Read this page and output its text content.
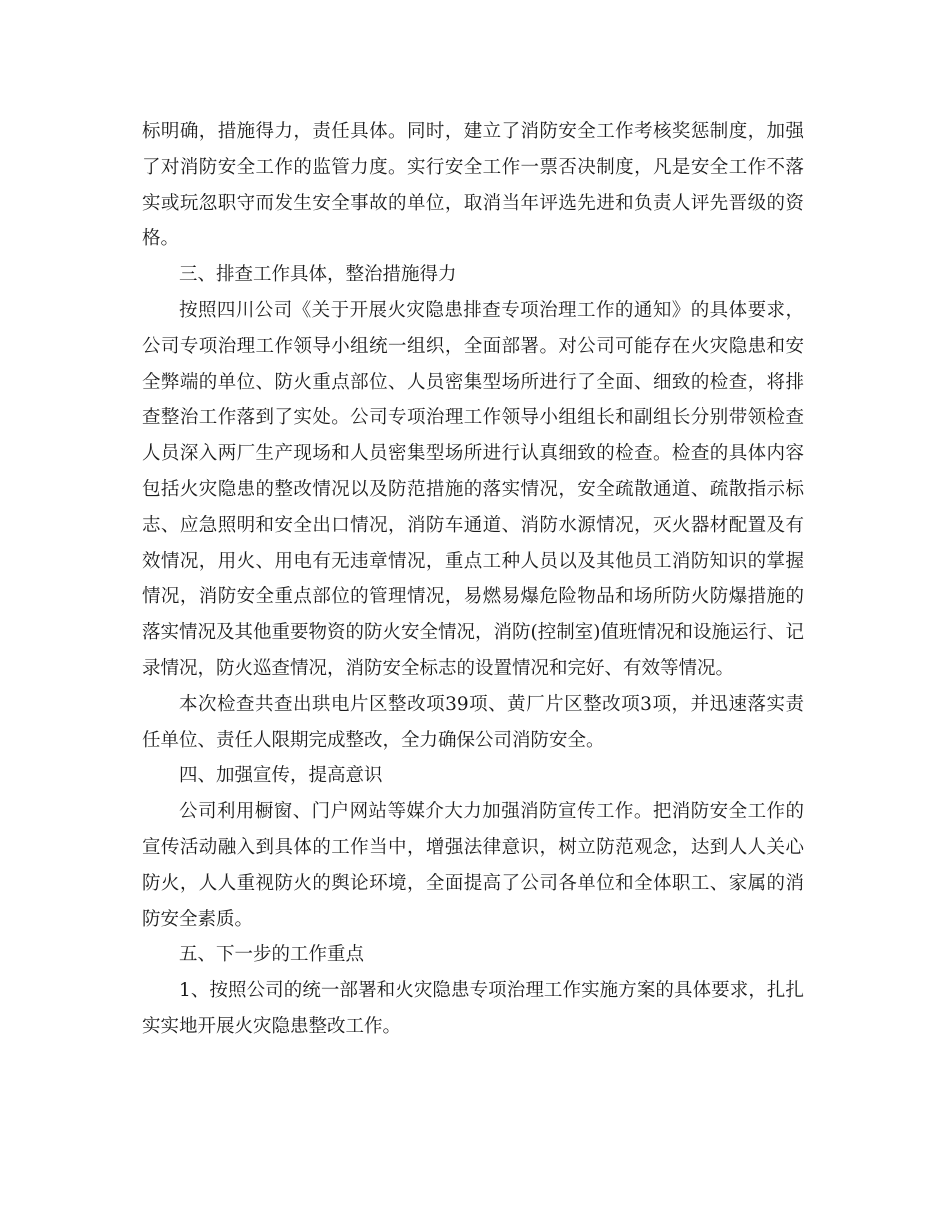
标明确，措施得力，责任具体。同时，建立了消防安全工作考核奖惩制度，加强了对消防安全工作的监管力度。实行安全工作一票否决制度，凡是安全工作不落实或玩忽职守而发生安全事故的单位，取消当年评选先进和负责人评先晋级的资格。

三、排查工作具体，整治措施得力

按照四川公司《关于开展火灾隐患排查专项治理工作的通知》的具体要求，公司专项治理工作领导小组统一组织，全面部署。对公司可能存在火灾隐患和安全弊端的单位、防火重点部位、人员密集型场所进行了全面、细致的检查，将排查整治工作落到了实处。公司专项治理工作领导小组组长和副组长分别带领检查人员深入两厂生产现场和人员密集型场所进行认真细致的检查。检查的具体内容包括火灾隐患的整改情况以及防范措施的落实情况，安全疏散通道、疏散指示标志、应急照明和安全出口情况，消防车通道、消防水源情况，灭火器材配置及有效情况，用火、用电有无违章情况，重点工种人员以及其他员工消防知识的掌握情况，消防安全重点部位的管理情况，易燃易爆危险物品和场所防火防爆措施的落实情况及其他重要物资的防火安全情况，消防(控制室)值班情况和设施运行、记录情况，防火巡查情况，消防安全标志的设置情况和完好、有效等情况。

本次检查共查出珙电片区整改项39项、黄厂片区整改项3项，并迅速落实责任单位、责任人限期完成整改，全力确保公司消防安全。

四、加强宣传，提高意识

公司利用橱窗、门户网站等媒介大力加强消防宣传工作。把消防安全工作的宣传活动融入到具体的工作当中，增强法律意识，树立防范观念，达到人人关心防火，人人重视防火的舆论环境，全面提高了公司各单位和全体职工、家属的消防安全素质。

五、下一步的工作重点

1、按照公司的统一部署和火灾隐患专项治理工作实施方案的具体要求，扎扎实实地开展火灾隐患整改工作。
